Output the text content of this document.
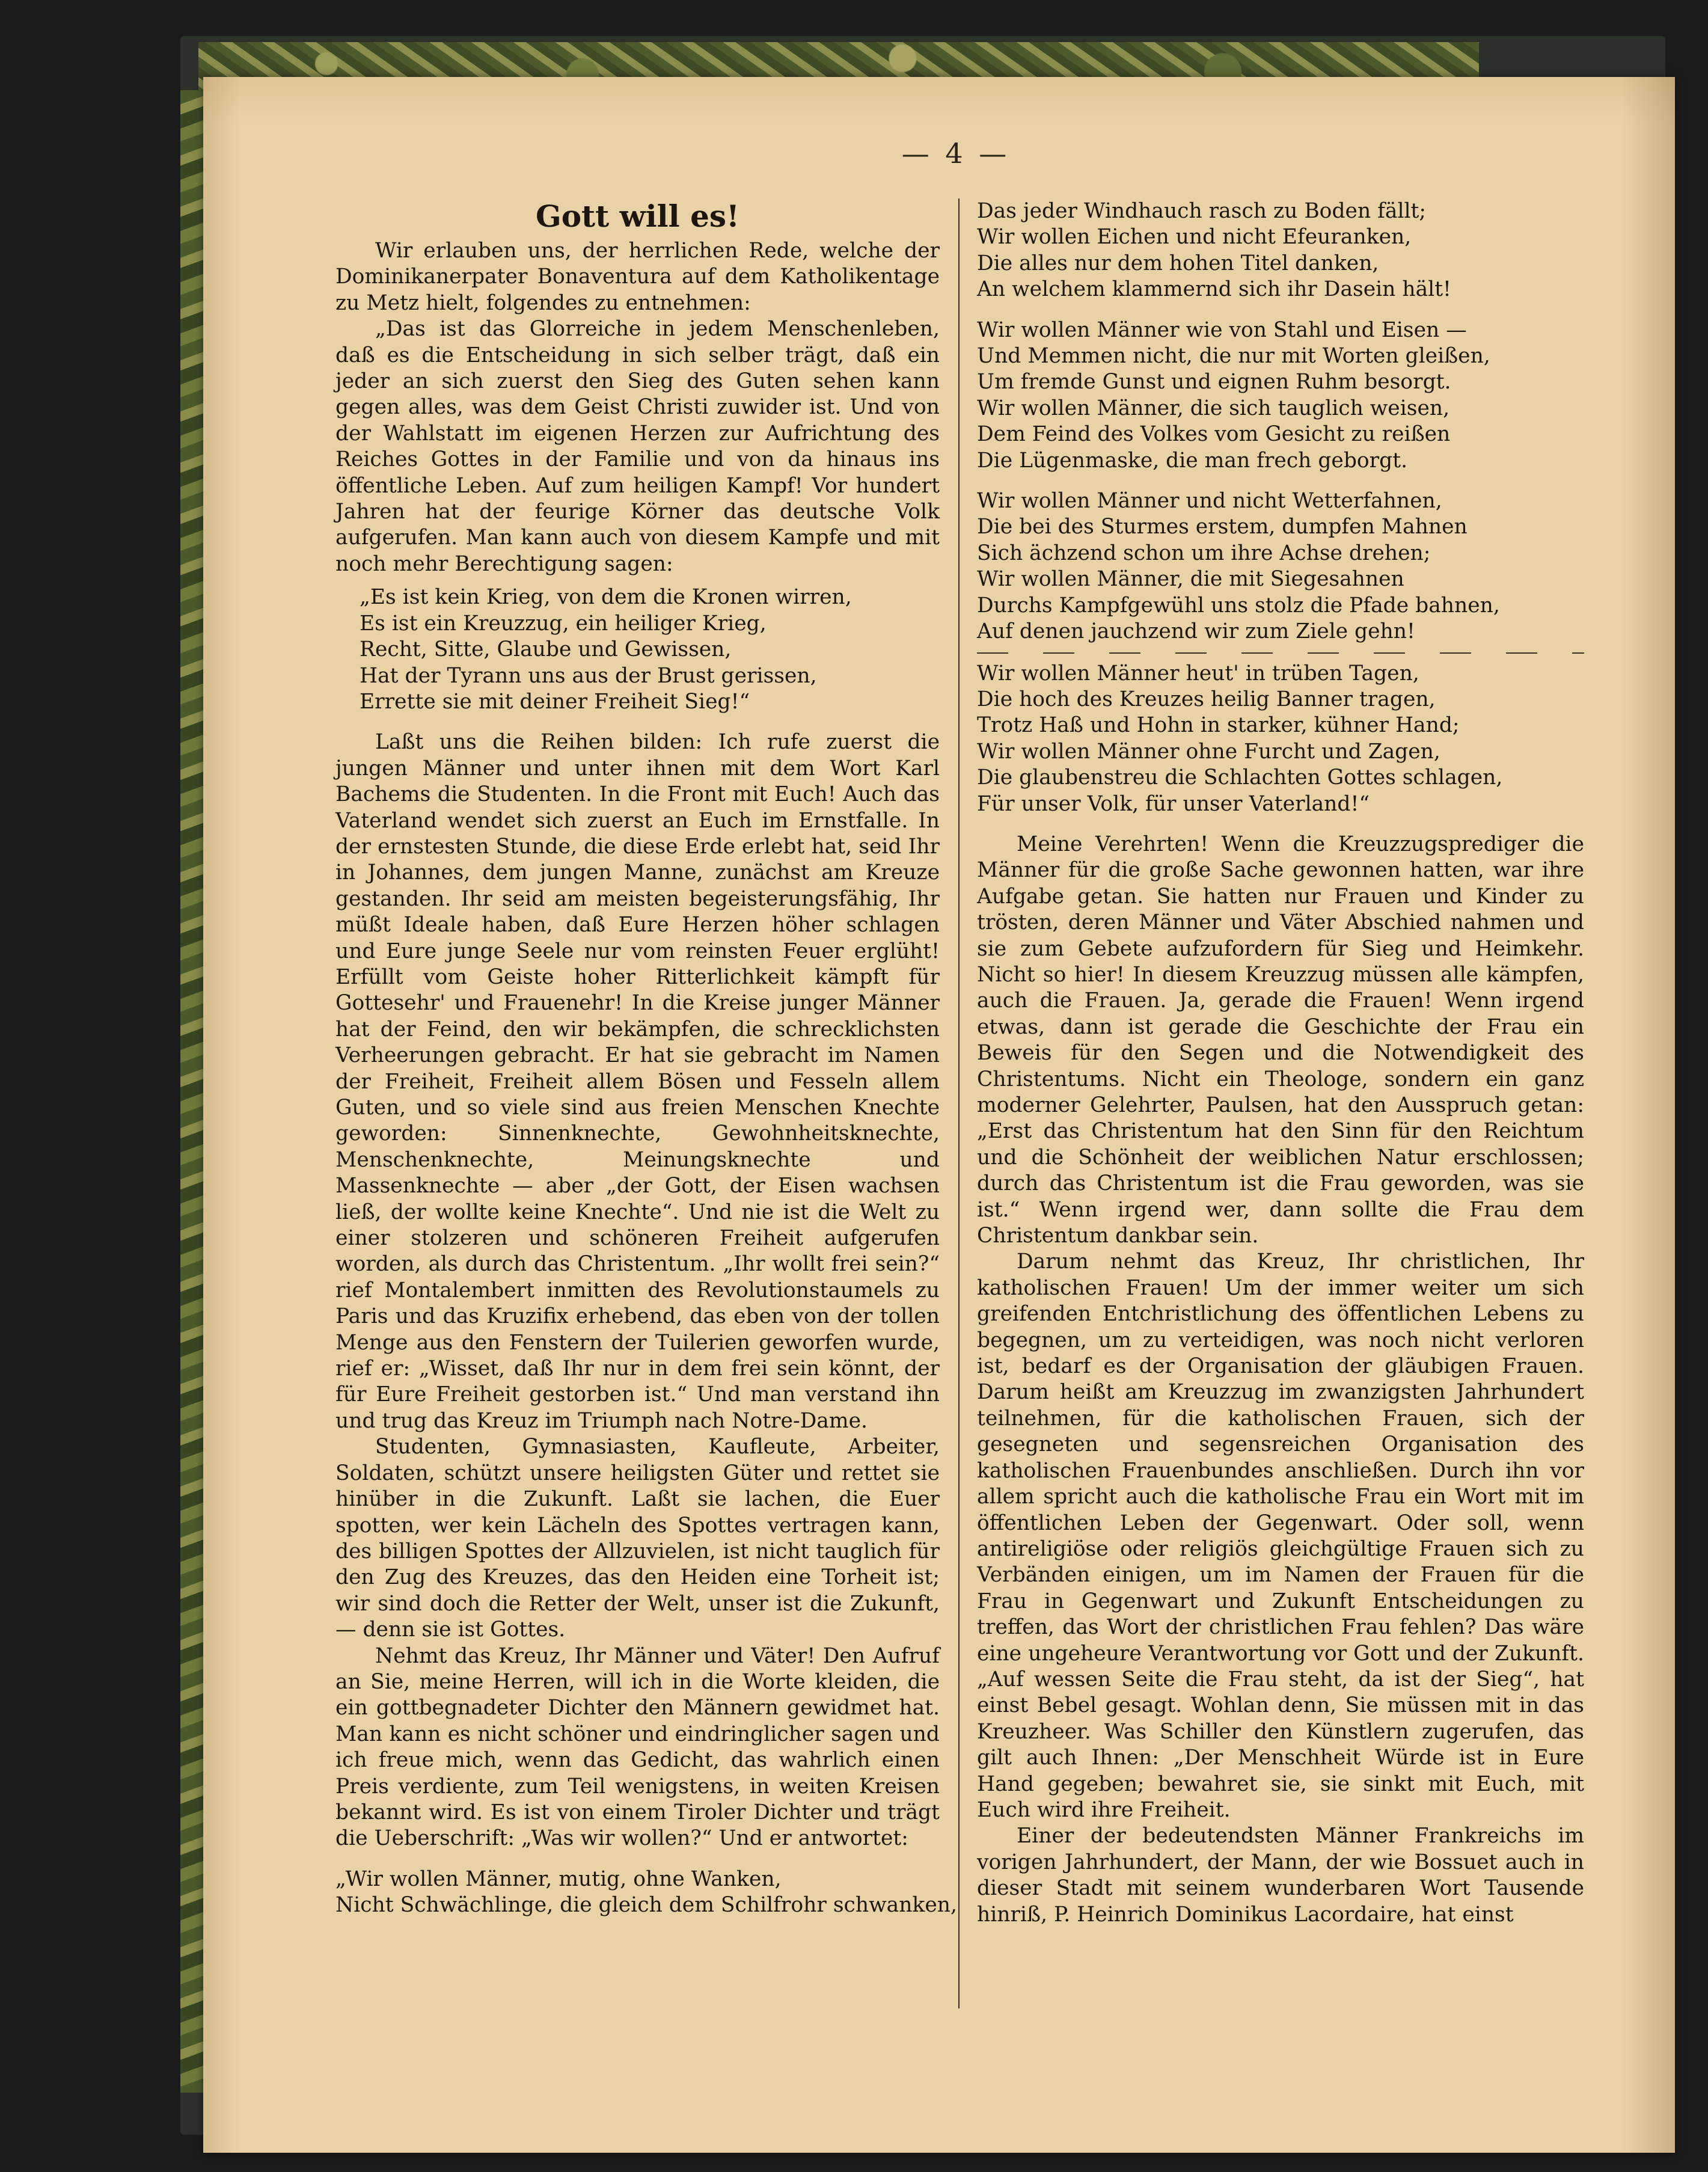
— 4 —
Gott will es!

Wir erlauben uns, der herrlichen Rede, welche der Dominikanerpater Bonaventura auf dem Katholikentage zu Metz hielt, folgendes zu entnehmen:

„Das ist das Glorreiche in jedem Menschenleben, daß es die Entscheidung in sich selber trägt, daß ein jeder an sich zuerst den Sieg des Guten sehen kann gegen alles, was dem Geist Christi zuwider ist. Und von der Wahlstatt im eigenen Herzen zur Aufrichtung des Reiches Gottes in der Familie und von da hinaus ins öffentliche Leben. Auf zum heiligen Kampf! Vor hundert Jahren hat der feurige Körner das deutsche Volk aufgerufen. Man kann auch von diesem Kampfe und mit noch mehr Berechtigung sagen:

„Es ist kein Krieg, von dem die Kronen wirren,
Es ist ein Kreuzzug, ein heiliger Krieg,
Recht, Sitte, Glaube und Gewissen,
Hat der Tyrann uns aus der Brust gerissen,
Errette sie mit deiner Freiheit Sieg!“

Laßt uns die Reihen bilden: Ich rufe zuerst die jungen Männer und unter ihnen mit dem Wort Karl Bachems die Studenten. In die Front mit Euch! Auch das Vaterland wendet sich zuerst an Euch im Ernstfalle. In der ernstesten Stunde, die diese Erde erlebt hat, seid Ihr in Johannes, dem jungen Manne, zunächst am Kreuze gestanden. Ihr seid am meisten begeisterungsfähig, Ihr müßt Ideale haben, daß Eure Herzen höher schlagen und Eure junge Seele nur vom reinsten Feuer erglüht! Erfüllt vom Geiste hoher Ritterlichkeit kämpft für Gottesehr' und Frauenehr! In die Kreise junger Männer hat der Feind, den wir bekämpfen, die schrecklichsten Verheerungen gebracht. Er hat sie gebracht im Namen der Freiheit, Freiheit allem Bösen und Fesseln allem Guten, und so viele sind aus freien Menschen Knechte geworden: Sinnenknechte, Gewohnheitsknechte, Menschenknechte, Meinungsknechte und Massenknechte — aber „der Gott, der Eisen wachsen ließ, der wollte keine Knechte“. Und nie ist die Welt zu einer stolzeren und schöneren Freiheit aufgerufen worden, als durch das Christentum. „Ihr wollt frei sein?“ rief Montalembert inmitten des Revolutionstaumels zu Paris und das Kruzifix erhebend, das eben von der tollen Menge aus den Fenstern der Tuilerien geworfen wurde, rief er: „Wisset, daß Ihr nur in dem frei sein könnt, der für Eure Freiheit gestorben ist.“ Und man verstand ihn und trug das Kreuz im Triumph nach Notre-Dame.

Studenten, Gymnasiasten, Kaufleute, Arbeiter, Soldaten, schützt unsere heiligsten Güter und rettet sie hinüber in die Zukunft. Laßt sie lachen, die Euer spotten, wer kein Lächeln des Spottes vertragen kann, des billigen Spottes der Allzuvielen, ist nicht tauglich für den Zug des Kreuzes, das den Heiden eine Torheit ist; wir sind doch die Retter der Welt, unser ist die Zukunft, — denn sie ist Gottes.

Nehmt das Kreuz, Ihr Männer und Väter! Den Aufruf an Sie, meine Herren, will ich in die Worte kleiden, die ein gottbegnadeter Dichter den Männern gewidmet hat. Man kann es nicht schöner und eindringlicher sagen und ich freue mich, wenn das Gedicht, das wahrlich einen Preis verdiente, zum Teil wenigstens, in weiten Kreisen bekannt wird. Es ist von einem Tiroler Dichter und trägt die Ueberschrift: „Was wir wollen?“ Und er antwortet:

„Wir wollen Männer, mutig, ohne Wanken,
Nicht Schwächlinge, die gleich dem Schilfrohr schwanken,
Das jeder Windhauch rasch zu Boden fällt;
Wir wollen Eichen und nicht Efeuranken,
Die alles nur dem hohen Titel danken,
An welchem klammernd sich ihr Dasein hält!
Wir wollen Männer wie von Stahl und Eisen —
Und Memmen nicht, die nur mit Worten gleißen,
Um fremde Gunst und eignen Ruhm besorgt.
Wir wollen Männer, die sich tauglich weisen,
Dem Feind des Volkes vom Gesicht zu reißen
Die Lügenmaske, die man frech geborgt.
Wir wollen Männer und nicht Wetterfahnen,
Die bei des Sturmes erstem, dumpfen Mahnen
Sich ächzend schon um ihre Achse drehen;
Wir wollen Männer, die mit Siegesahnen
Durchs Kampfgewühl uns stolz die Pfade bahnen,
Auf denen jauchzend wir zum Ziele gehn!
Wir wollen Männer heut' in trüben Tagen,
Die hoch des Kreuzes heilig Banner tragen,
Trotz Haß und Hohn in starker, kühner Hand;
Wir wollen Männer ohne Furcht und Zagen,
Die glaubenstreu die Schlachten Gottes schlagen,
Für unser Volk, für unser Vaterland!“

Meine Verehrten! Wenn die Kreuzzugsprediger die Männer für die große Sache gewonnen hatten, war ihre Aufgabe getan. Sie hatten nur Frauen und Kinder zu trösten, deren Männer und Väter Abschied nahmen und sie zum Gebete aufzufordern für Sieg und Heimkehr. Nicht so hier! In diesem Kreuzzug müssen alle kämpfen, auch die Frauen. Ja, gerade die Frauen! Wenn irgend etwas, dann ist gerade die Geschichte der Frau ein Beweis für den Segen und die Notwendigkeit des Christentums. Nicht ein Theologe, sondern ein ganz moderner Gelehrter, Paulsen, hat den Ausspruch getan: „Erst das Christentum hat den Sinn für den Reichtum und die Schönheit der weiblichen Natur erschlossen; durch das Christentum ist die Frau geworden, was sie ist.“ Wenn irgend wer, dann sollte die Frau dem Christentum dankbar sein.

Darum nehmt das Kreuz, Ihr christlichen, Ihr katholischen Frauen! Um der immer weiter um sich greifenden Entchristlichung des öffentlichen Lebens zu begegnen, um zu verteidigen, was noch nicht verloren ist, bedarf es der Organisation der gläubigen Frauen. Darum heißt am Kreuzzug im zwanzigsten Jahrhundert teilnehmen, für die katholischen Frauen, sich der gesegneten und segensreichen Organisation des katholischen Frauenbundes anschließen. Durch ihn vor allem spricht auch die katholische Frau ein Wort mit im öffentlichen Leben der Gegenwart. Oder soll, wenn antireligiöse oder religiös gleichgültige Frauen sich zu Verbänden einigen, um im Namen der Frauen für die Frau in Gegenwart und Zukunft Entscheidungen zu treffen, das Wort der christlichen Frau fehlen? Das wäre eine ungeheure Verantwortung vor Gott und der Zukunft. „Auf wessen Seite die Frau steht, da ist der Sieg“, hat einst Bebel gesagt. Wohlan denn, Sie müssen mit in das Kreuzheer. Was Schiller den Künstlern zugerufen, das gilt auch Ihnen: „Der Menschheit Würde ist in Eure Hand gegeben; bewahret sie, sie sinkt mit Euch, mit Euch wird ihre Freiheit.

Einer der bedeutendsten Männer Frankreichs im vorigen Jahrhundert, der Mann, der wie Bossuet auch in dieser Stadt mit seinem wunderbaren Wort Tausende hinriß, P. Heinrich Dominikus Lacordaire, hat einst
